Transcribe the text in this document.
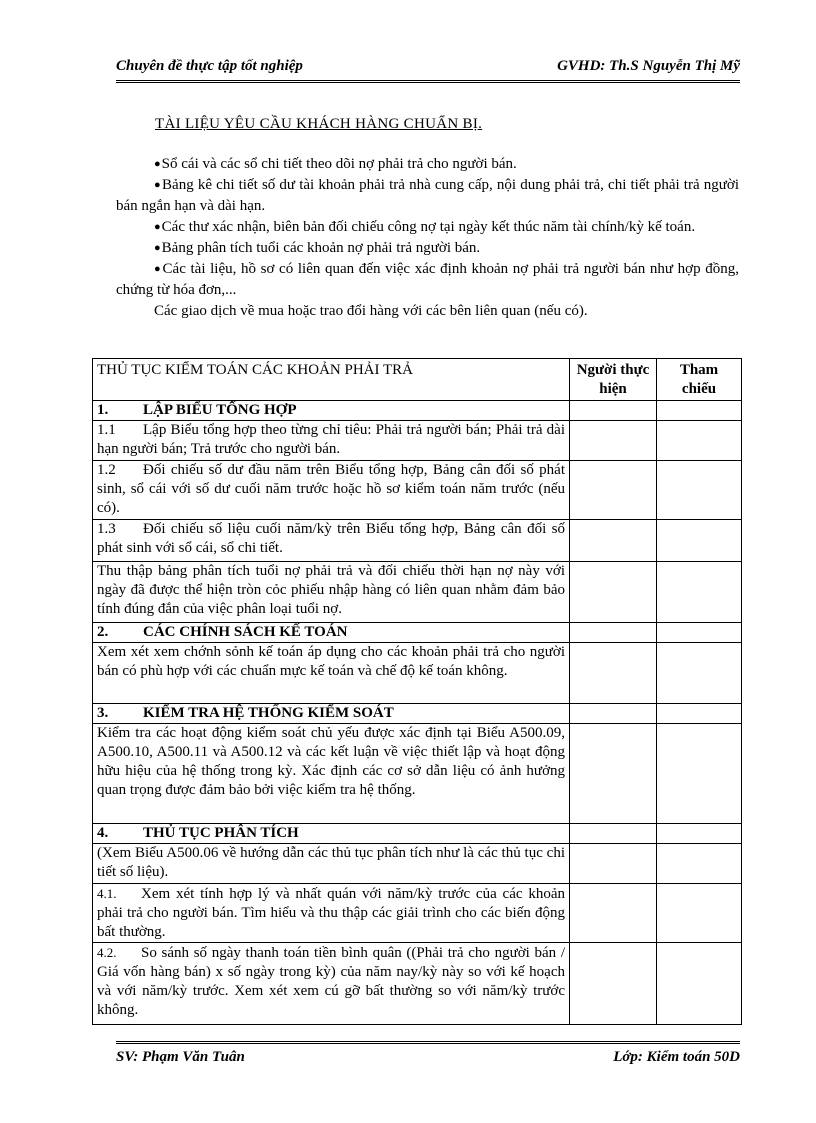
Chuyên đề thực tập tốt nghiệp	GVHD: Th.S Nguyễn Thị Mỹ
TÀI LIỆU YÊU CẦU KHÁCH HÀNG CHUẨN BỊ.

●Sổ cái và các sổ chi tiết theo dõi nợ phải trả cho người bán.

●Bảng kê chi tiết số dư tài khoản phải trả nhà cung cấp, nội dung phải trả, chi tiết phải trả người bán ngắn hạn và dài hạn.

●Các thư xác nhận, biên bản đối chiếu công nợ tại ngày kết thúc năm tài chính/kỳ kế toán.

●Bảng phân tích tuổi các khoản nợ phải trả người bán.

●Các tài liệu, hồ sơ có liên quan đến việc xác định khoản nợ phải trả người bán như hợp đồng, chứng từ hóa đơn,...

Các giao dịch về mua hoặc trao đổi hàng với các bên liên quan (nếu có).

THỦ TỤC KIỂM TOÁN CÁC KHOẢN PHẢI TRẢ	Người thực hiện	Tham chiếu
1. LẬP BIỂU TỔNG HỢP		
1.1 Lập Biểu tổng hợp theo từng chỉ tiêu: Phải trả người bán; Phải trả dài hạn người bán; Trả trước cho người bán.		
1.2 Đối chiếu số dư đầu năm trên Biểu tổng hợp, Bảng cân đối số phát sinh, sổ cái với số dư cuối năm trước hoặc hồ sơ kiểm toán năm trước (nếu có).		
1.3 Đối chiếu số liệu cuối năm/kỳ trên Biểu tổng hợp, Bảng cân đối số phát sinh với sổ cái, sổ chi tiết.		
Thu thập bảng phân tích tuổi nợ phải trả và đối chiếu thời hạn nợ này với ngày đã được thể hiện tròn cỏc phiếu nhập hàng có liên quan nhằm đảm bảo tính đúng đắn của việc phân loại tuổi nợ.		
2. CÁC CHÍNH SÁCH KẾ TOÁN		
Xem xét xem chớnh sỏnh kế toán áp dụng cho các khoản phải trả cho người bán có phù hợp với các chuẩn mực kế toán và chế độ kế toán không.		
3. KIỂM TRA HỆ THỐNG KIỂM SOÁT		
Kiểm tra các hoạt động kiểm soát chủ yếu được xác định tại Biểu A500.09, A500.10, A500.11 và A500.12 và các kết luận về việc thiết lập và hoạt động hữu hiệu của hệ thống trong kỳ. Xác định các cơ sở dẫn liệu có ảnh hưởng quan trọng được đảm bảo bởi việc kiểm tra hệ thống.		
4. THỦ TỤC PHÂN TÍCH		
(Xem Biểu A500.06 về hướng dẫn các thủ tục phân tích như là các thủ tục chi tiết số liệu).		
4.1. Xem xét tính hợp lý và nhất quán với năm/kỳ trước của các khoản phải trả cho người bán. Tìm hiểu và thu thập các giải trình cho các biến động bất thường.		
4.2. So sánh số ngày thanh toán tiền bình quân ((Phải trả cho người bán / Giá vốn hàng bán) x số ngày trong kỳ) của năm nay/kỳ này so với kế hoạch và với năm/kỳ trước. Xem xét xem cú gỡ bất thường so với năm/kỳ trước không.		
SV: Phạm Văn Tuân	Lớp: Kiểm toán 50D
